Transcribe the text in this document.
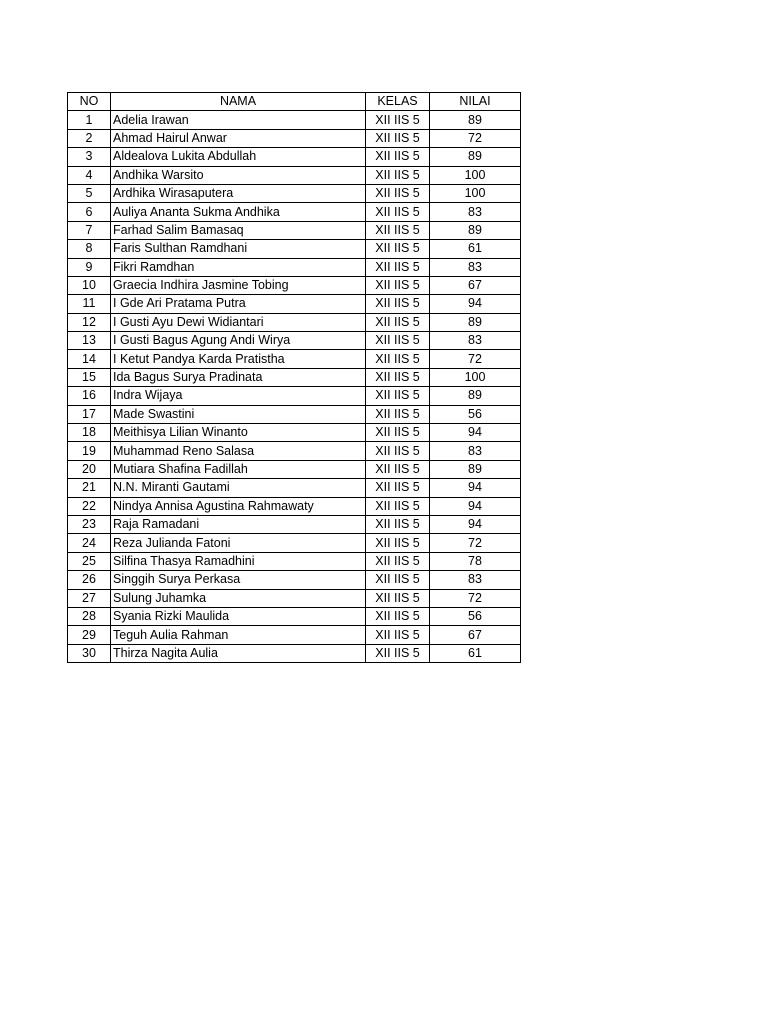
NO	NAMA	KELAS	NILAI
1	Adelia Irawan	XII IIS 5	89
2	Ahmad Hairul Anwar	XII IIS 5	72
3	Aldealova Lukita Abdullah	XII IIS 5	89
4	Andhika Warsito	XII IIS 5	100
5	Ardhika Wirasaputera	XII IIS 5	100
6	Auliya Ananta Sukma Andhika	XII IIS 5	83
7	Farhad Salim Bamasaq	XII IIS 5	89
8	Faris Sulthan Ramdhani	XII IIS 5	61
9	Fikri Ramdhan	XII IIS 5	83
10	Graecia Indhira Jasmine Tobing	XII IIS 5	67
11	I Gde Ari Pratama Putra	XII IIS 5	94
12	I Gusti Ayu Dewi Widiantari	XII IIS 5	89
13	I Gusti Bagus Agung Andi Wirya	XII IIS 5	83
14	I Ketut Pandya Karda Pratistha	XII IIS 5	72
15	Ida Bagus Surya Pradinata	XII IIS 5	100
16	Indra Wijaya	XII IIS 5	89
17	Made Swastini	XII IIS 5	56
18	Meithisya Lilian Winanto	XII IIS 5	94
19	Muhammad Reno Salasa	XII IIS 5	83
20	Mutiara Shafina Fadillah	XII IIS 5	89
21	N.N. Miranti Gautami	XII IIS 5	94
22	Nindya Annisa Agustina Rahmawaty	XII IIS 5	94
23	Raja Ramadani	XII IIS 5	94
24	Reza Julianda Fatoni	XII IIS 5	72
25	Silfina Thasya Ramadhini	XII IIS 5	78
26	Singgih Surya Perkasa	XII IIS 5	83
27	Sulung Juhamka	XII IIS 5	72
28	Syania Rizki Maulida	XII IIS 5	56
29	Teguh Aulia Rahman	XII IIS 5	67
30	Thirza Nagita Aulia	XII IIS 5	61
